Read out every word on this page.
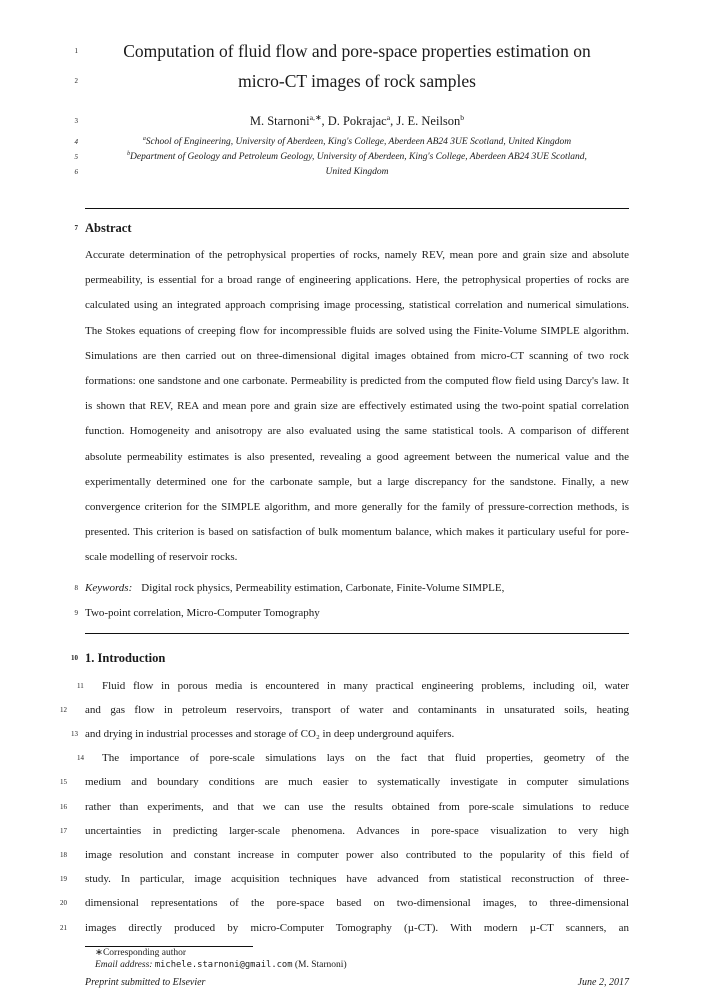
1	Computation of fluid flow and pore-space properties estimation on
2	micro-CT images of rock samples
3	M. Starnoni$^{a,∗}$, D. Pokrajac$^a$, J. E. Neilson$^b$
4	$^a$School of Engineering, University of Aberdeen, King's College, Aberdeen AB24 3UE Scotland, United Kingdom
5	$^b$Department of Geology and Petroleum Geology, University of Aberdeen, King's College, Aberdeen AB24 3UE Scotland,
6	United Kingdom
7 Abstract

Accurate determination of the petrophysical properties of rocks, namely REV, mean pore and grain size and absolute permeability, is essential for a broad range of engineering applications. Here, the petrophysical properties of rocks are calculated using an integrated approach comprising image processing, statistical correlation and numerical simulations. The Stokes equations of creeping flow for incompressible fluids are solved using the Finite-Volume SIMPLE algorithm. Simulations are then carried out on three-dimensional digital images obtained from micro-CT scanning of two rock formations: one sandstone and one carbonate. Permeability is predicted from the computed flow field using Darcy's law. It is shown that REV, REA and mean pore and grain size are effectively estimated using the two-point spatial correlation function. Homogeneity and anisotropy are also evaluated using the same statistical tools. A comparison of different absolute permeability estimates is also presented, revealing a good agreement between the numerical value and the experimentally determined one for the carbonate sample, but a large discrepancy for the sandstone. Finally, a new convergence criterion for the SIMPLE algorithm, and more generally for the family of pressure-correction methods, is presented. This criterion is based on satisfaction of bulk momentum balance, which makes it particulary useful for pore-scale modelling of reservoir rocks.

8 Keywords: Digital rock physics, Permeability estimation, Carbonate, Finite-Volume SIMPLE,
9 Two-point correlation, Micro-Computer Tomography
10 1. Introduction
11 Fluid flow in porous media is encountered in many practical engineering problems, including oil, water
12	and gas flow in petroleum reservoirs, transport of water and contaminants in unsaturated soils, heating
13 and drying in industrial processes and storage of CO₂ in deep underground aquifers.
14 The importance of pore-scale simulations lays on the fact that fluid properties, geometry of the
15	medium and boundary conditions are much easier to systematically investigate in computer simulations
16	rather than experiments, and that we can use the results obtained from pore-scale simulations to reduce
17	uncertainties in predicting larger-scale phenomena. Advances in pore-space visualization to very high
18	image resolution and constant increase in computer power also contributed to the popularity of this field of
19	study. In particular, image acquisition techniques have advanced from statistical reconstruction of three-
20	dimensional representations of the pore-space based on two-dimensional images, to three-dimensional
21	images directly produced by micro-Computer Tomography (µ-CT). With modern µ-CT scanners, an
∗Corresponding author
Email address: michele.starnoni@gmail.com (M. Starnoni)
Preprint submitted to Elsevier	June 2, 2017
